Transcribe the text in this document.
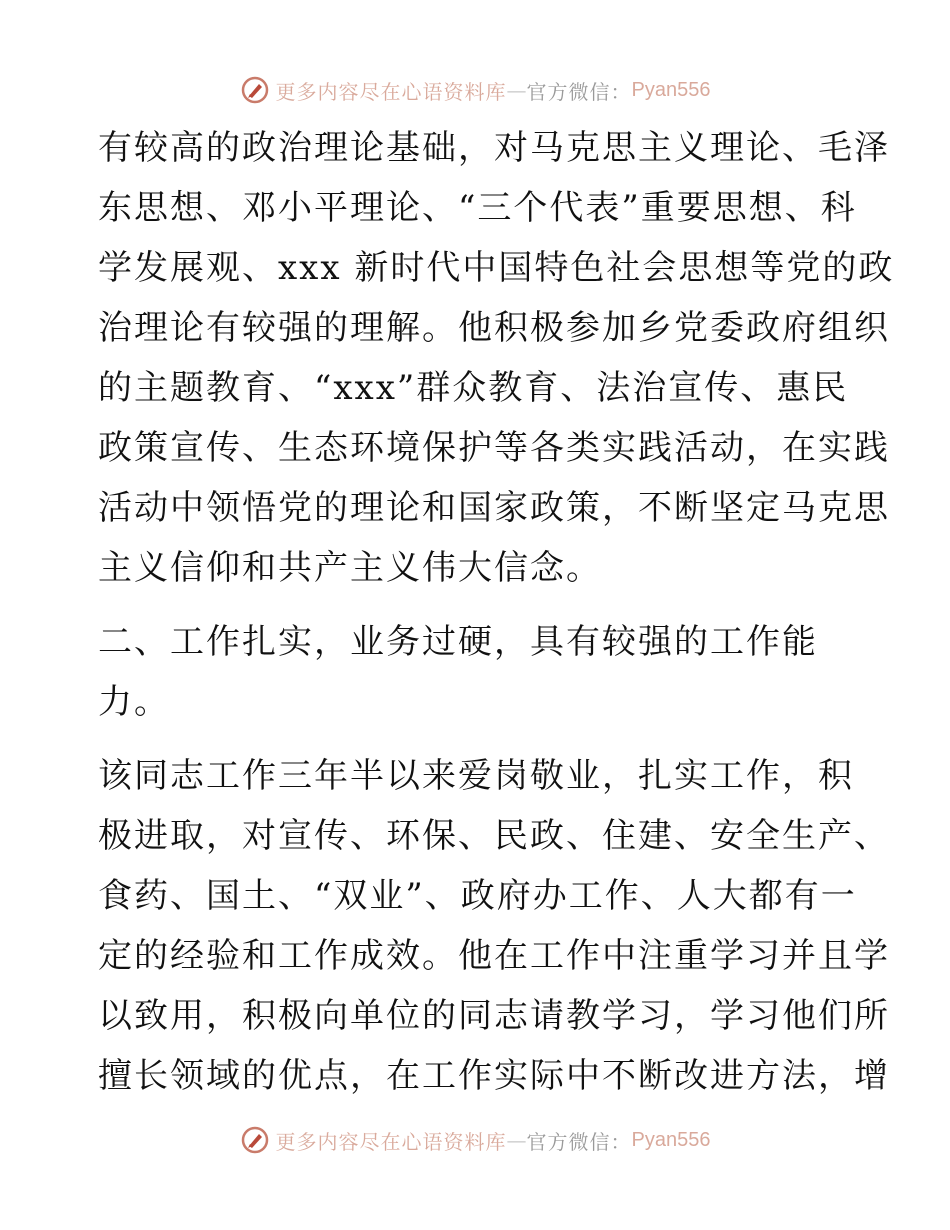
更多内容尽在心语资料库 — 官方微信： Pyan556
有较高的政治理论基础，对马克思主义理论、毛泽
东思想、邓小平理论、“三个代表”重要思想、科
学发展观、xxx 新时代中国特色社会思想等党的政
治理论有较强的理解。他积极参加乡党委政府组织
的主题教育、“xxx”群众教育、法治宣传、惠民
政策宣传、生态环境保护等各类实践活动，在实践
活动中领悟党的理论和国家政策，不断坚定马克思
主义信仰和共产主义伟大信念。
二、工作扎实，业务过硬，具有较强的工作能
力。
该同志工作三年半以来爱岗敬业，扎实工作，积
极进取，对宣传、环保、民政、住建、安全生产、
食药、国土、“双业”、政府办工作、人大都有一
定的经验和工作成效。他在工作中注重学习并且学
以致用，积极向单位的同志请教学习，学习他们所
擅长领域的优点，在工作实际中不断改进方法，增
更多内容尽在心语资料库 — 官方微信： Pyan556
